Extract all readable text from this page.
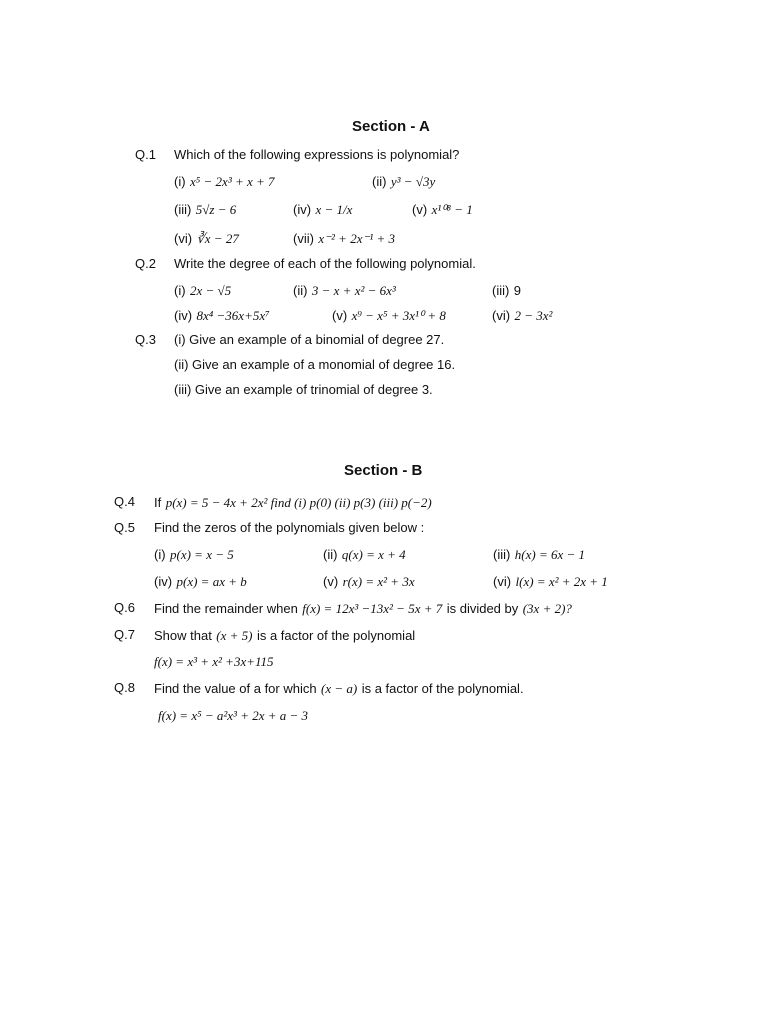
Section - A
Q.1 Which of the following expressions is polynomial?
(i) x⁵ − 2x³ + x + 7	(ii) y³ − √3y
(iii) 5√z − 6	(iv) x − 1/x	(v) x¹⁰⁸ − 1
(vi) ∛x − 27	(vii) x⁻² + 2x⁻¹ + 3
Q.2 Write the degree of each of the following polynomial.
(i) 2x − √5	(ii) 3 − x + x² − 6x³	(iii) 9
(iv) 8x⁴ −36x+5x⁷	(v) x⁹ − x⁵ + 3x¹⁰ + 8	(vi) 2 − 3x²
Q.3 (i) Give an example of a binomial of degree 27.
(ii) Give an example of a monomial of degree 16.
(iii) Give an example of trinomial of degree 3.
Section - B
Q.4 If p(x) = 5 − 4x + 2x² find (i) p(0) (ii) p(3) (iii) p(−2)
Q.5 Find the zeros of the polynomials given below :
(i) p(x) = x − 5	(ii) q(x) = x + 4	(iii) h(x) = 6x − 1
(iv) p(x) = ax + b	(v) r(x) = x² + 3x	(vi) l(x) = x² + 2x + 1
Q.6 Find the remainder when f(x) = 12x³ −13x² − 5x + 7 is divided by (3x + 2)?
Q.7 Show that (x + 5) is a factor of the polynomial
f(x) = x³ + x² +3x+115
Q.8 Find the value of a for which (x − a) is a factor of the polynomial.
f(x) = x⁵ − a²x³ + 2x + a − 3
